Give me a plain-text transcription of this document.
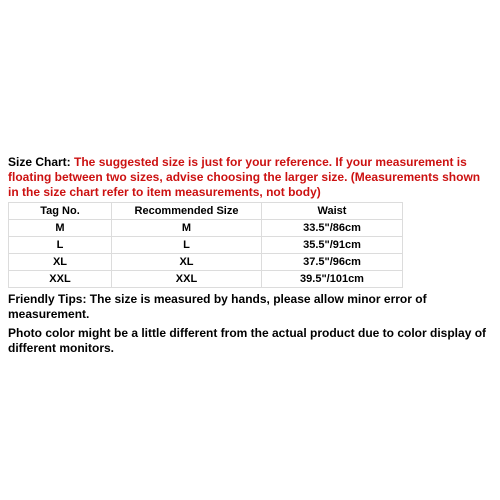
Size Chart: The suggested size is just for your reference. If your measurement is floating between two sizes, advise choosing the larger size. (Measurements shown in the size chart refer to item measurements, not body)

Tag No.	Recommended Size	Waist
M	M	33.5"/86cm
L	L	35.5"/91cm
XL	XL	37.5"/96cm
XXL	XXL	39.5"/101cm

Friendly Tips: The size is measured by hands, please allow minor error of measurement.

Photo color might be a little different from the actual product due to color display of different monitors.
